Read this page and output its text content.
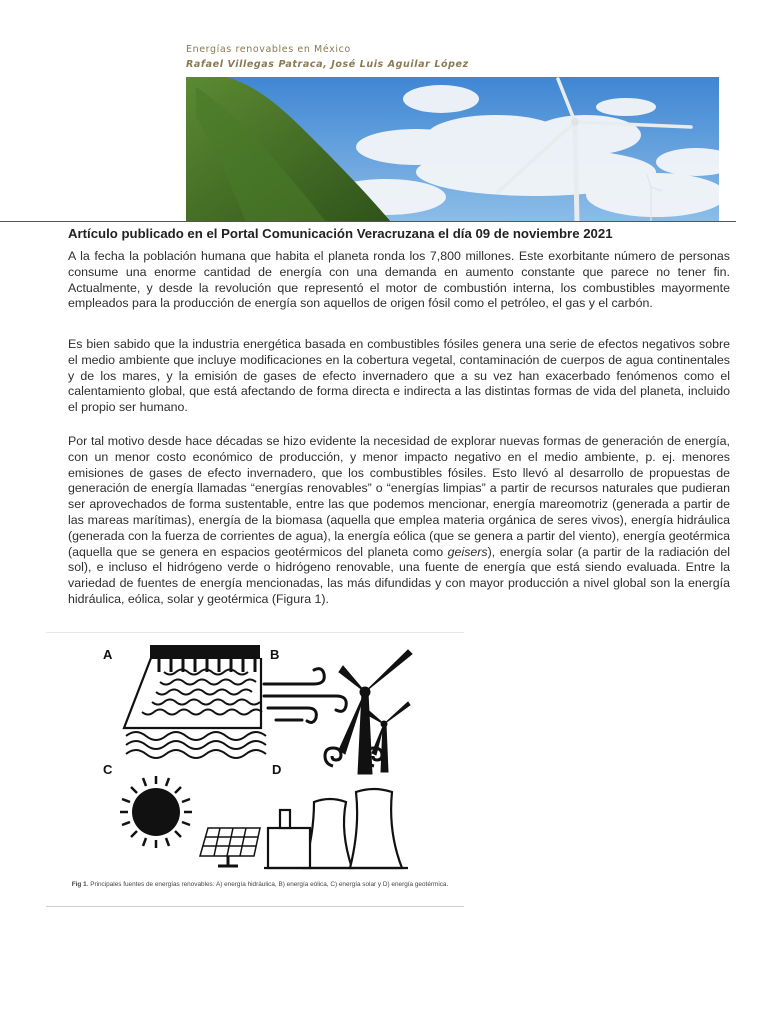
Energías renovables en México
Rafael Villegas Patraca, José Luis Aguilar López
Artículo publicado en el Portal Comunicación Veracruzana el día 09 de noviembre 2021

A la fecha la población humana que habita el planeta ronda los 7,800 millones. Este exorbitante número de personas consume una enorme cantidad de energía con una demanda en aumento constante que parece no tener fin. Actualmente, y desde la revolución que representó el motor de combustión interna, los combustibles mayormente empleados para la producción de energía son aquellos de origen fósil como el petróleo, el gas y el carbón.

Es bien sabido que la industria energética basada en combustibles fósiles genera una serie de efectos negativos sobre el medio ambiente que incluye modificaciones en la cobertura vegetal, contaminación de cuerpos de agua continentales y de los mares, y la emisión de gases de efecto invernadero que a su vez han exacerbado fenómenos como el calentamiento global, que está afectando de forma directa e indirecta a las distintas formas de vida del planeta, incluido el propio ser humano.

Por tal motivo desde hace décadas se hizo evidente la necesidad de explorar nuevas formas de generación de energía, con un menor costo económico de producción, y menor impacto negativo en el medio ambiente, p. ej. menores emisiones de gases de efecto invernadero, que los combustibles fósiles. Esto llevó al desarrollo de propuestas de generación de energía llamadas “energías renovables” o “energías limpias” a partir de recursos naturales que pudieran ser aprovechados de forma sustentable, entre las que podemos mencionar, energía mareomotriz (generada a partir de las mareas marítimas), energía de la biomasa (aquella que emplea materia orgánica de seres vivos), energía hidráulica (generada con la fuerza de corrientes de agua), la energía eólica (que se genera a partir del viento), energía geotérmica (aquella que se genera en espacios geotérmicos del planeta como geisers), energía solar (a partir de la radiación del sol), e incluso el hidrógeno verde o hidrógeno renovable, una fuente de energía que está siendo evaluada. Entre la variedad de fuentes de energía mencionadas, las más difundidas y con mayor producción a nivel global son la energía hidráulica, eólica, solar y geotérmica (Figura 1).

A	B
C	D
Fig 1. Principales fuentes de energías renovables: A) energía hidráulica, B) energía eólica, C) energía solar y D) energía geotérmica.
